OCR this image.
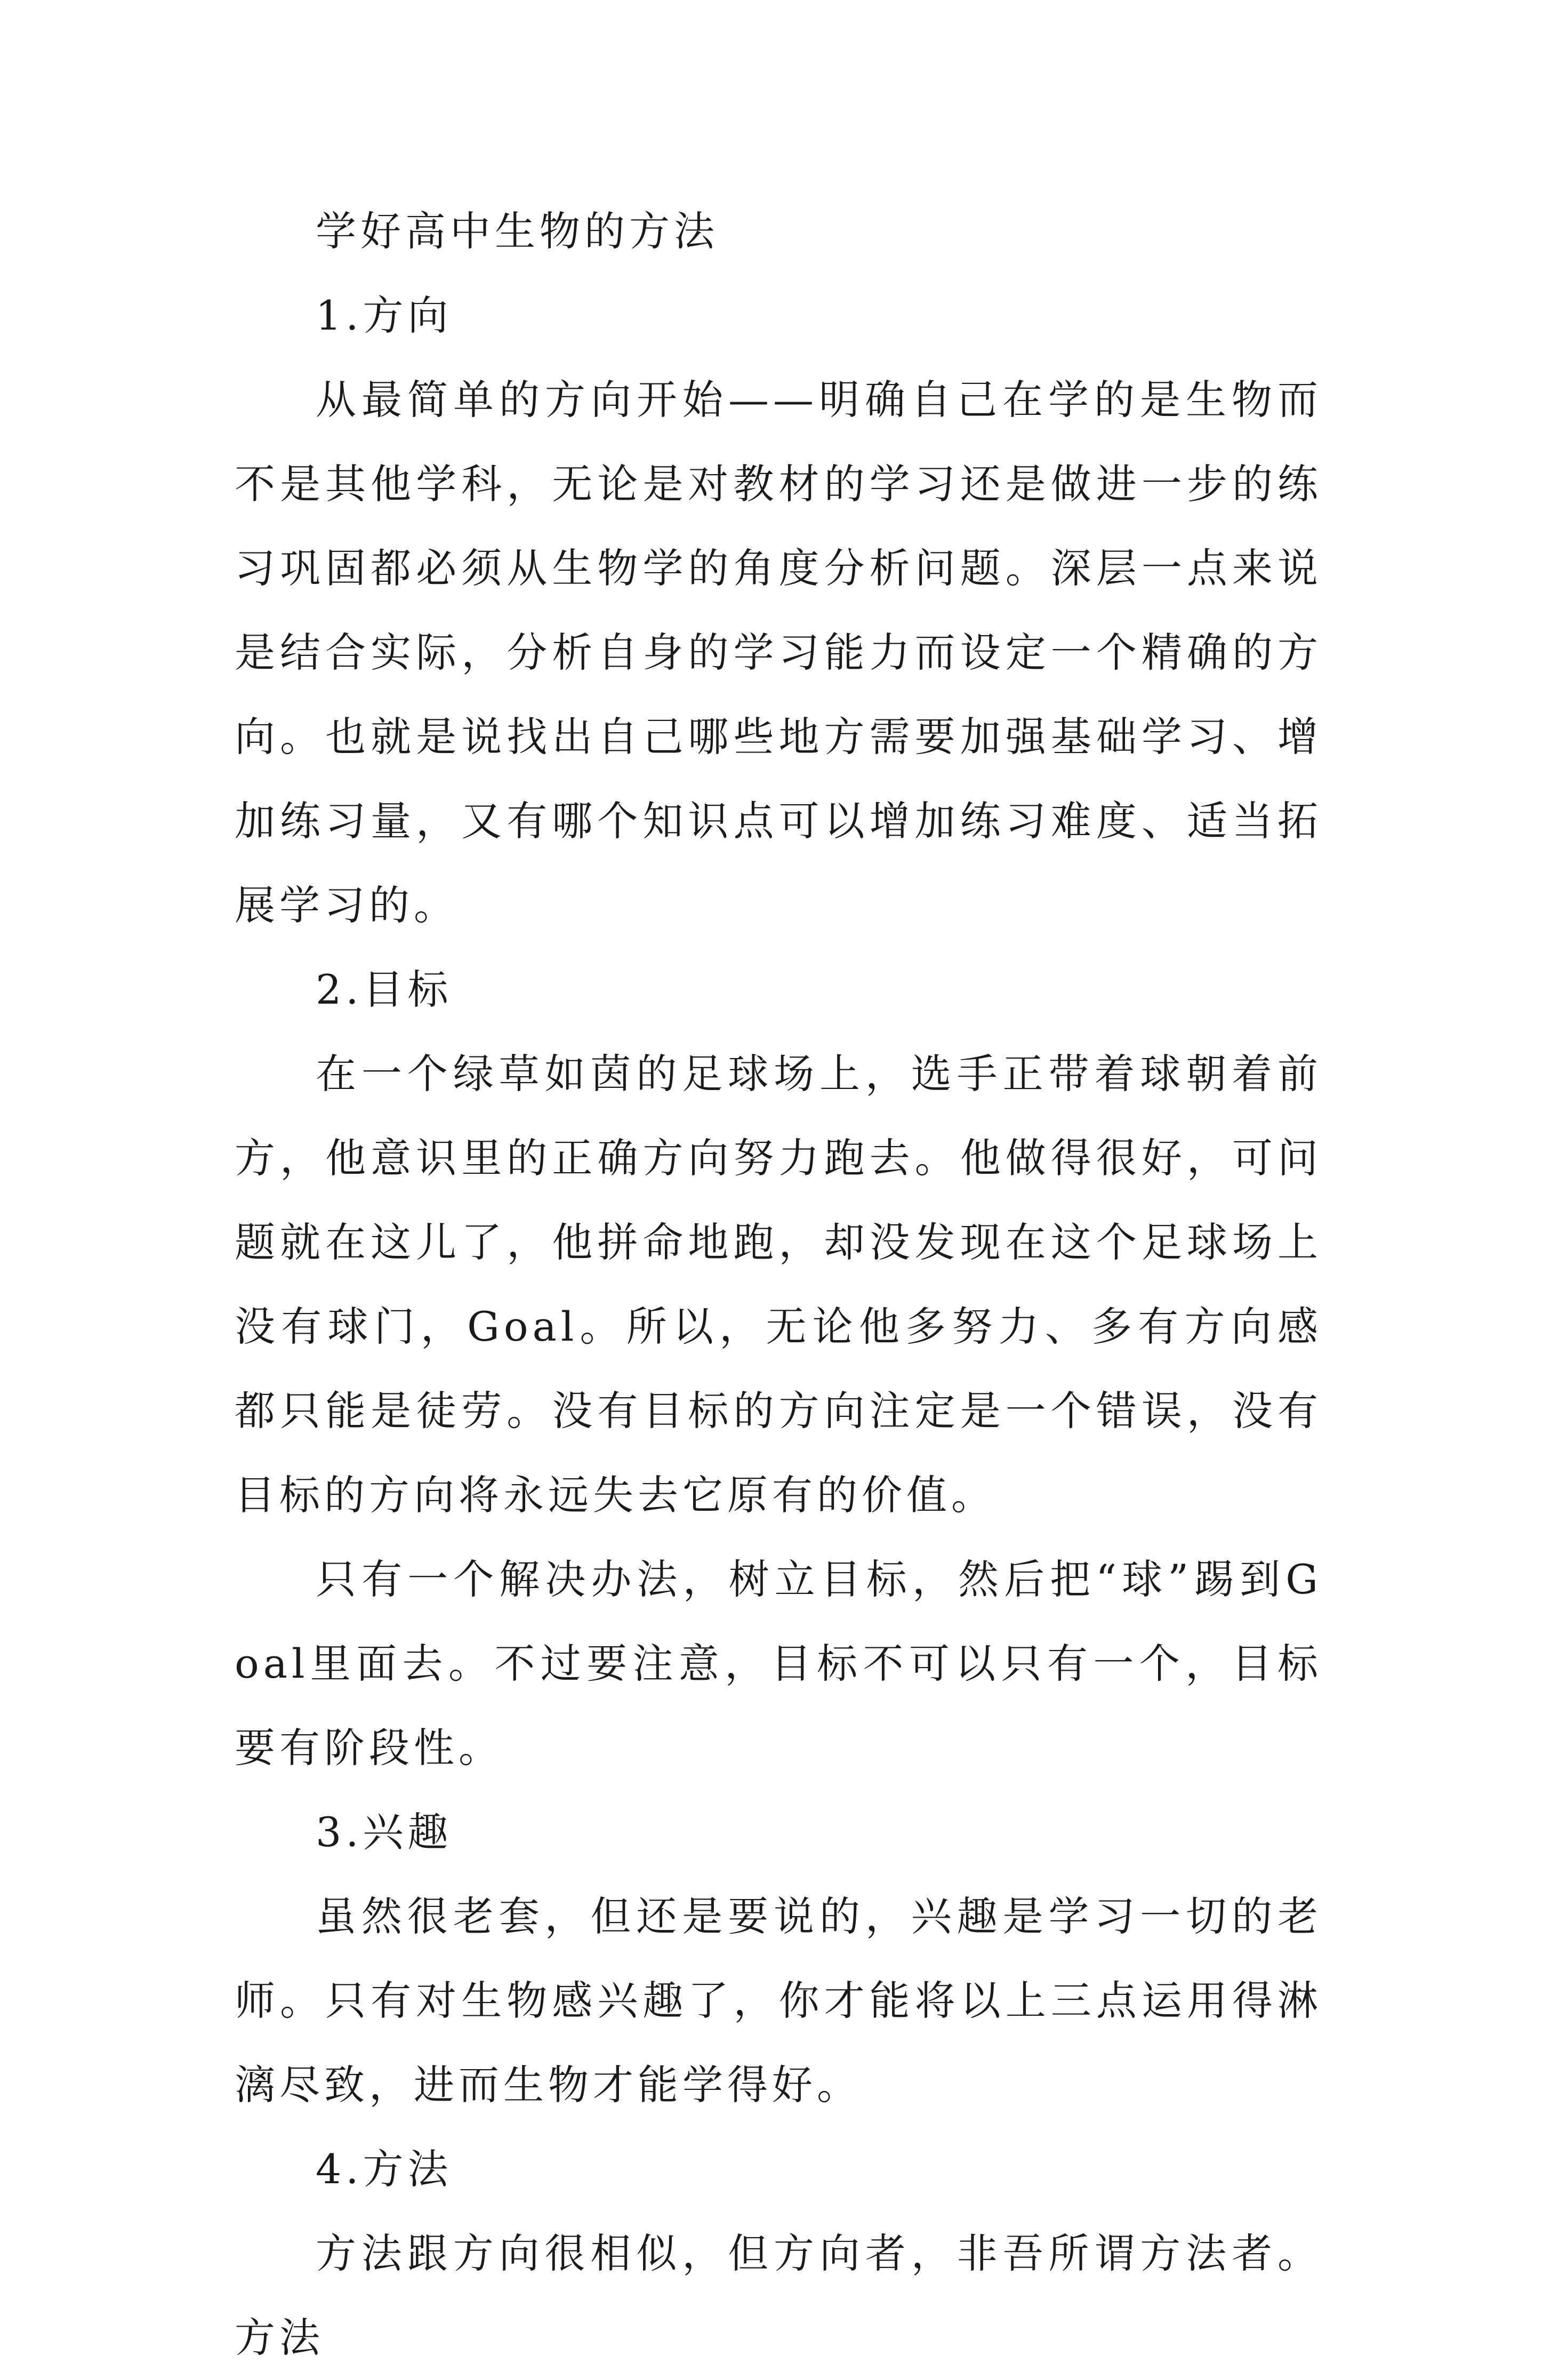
学好高中生物的方法

1.方向

从最简单的方向开始——明确自己在学的是生物而不是其他学科，无论是对教材的学习还是做进一步的练习巩固都必须从生物学的角度分析问题。深层一点来说是结合实际，分析自身的学习能力而设定一个精确的方向。也就是说找出自己哪些地方需要加强基础学习、增加练习量，又有哪个知识点可以增加练习难度、适当拓展学习的。

2.目标

在一个绿草如茵的足球场上，选手正带着球朝着前方，他意识里的正确方向努力跑去。他做得很好，可问题就在这儿了，他拼命地跑，却没发现在这个足球场上没有球门，Goal。所以，无论他多努力、多有方向感都只能是徒劳。没有目标的方向注定是一个错误，没有目标的方向将永远失去它原有的价值。

只有一个解决办法，树立目标，然后把“球”踢到Goal里面去。不过要注意，目标不可以只有一个，目标要有阶段性。

3.兴趣

虽然很老套，但还是要说的，兴趣是学习一切的老师。只有对生物感兴趣了，你才能将以上三点运用得淋漓尽致，进而生物才能学得好。

4.方法

方法跟方向很相似，但方向者，非吾所谓方法者。方法
